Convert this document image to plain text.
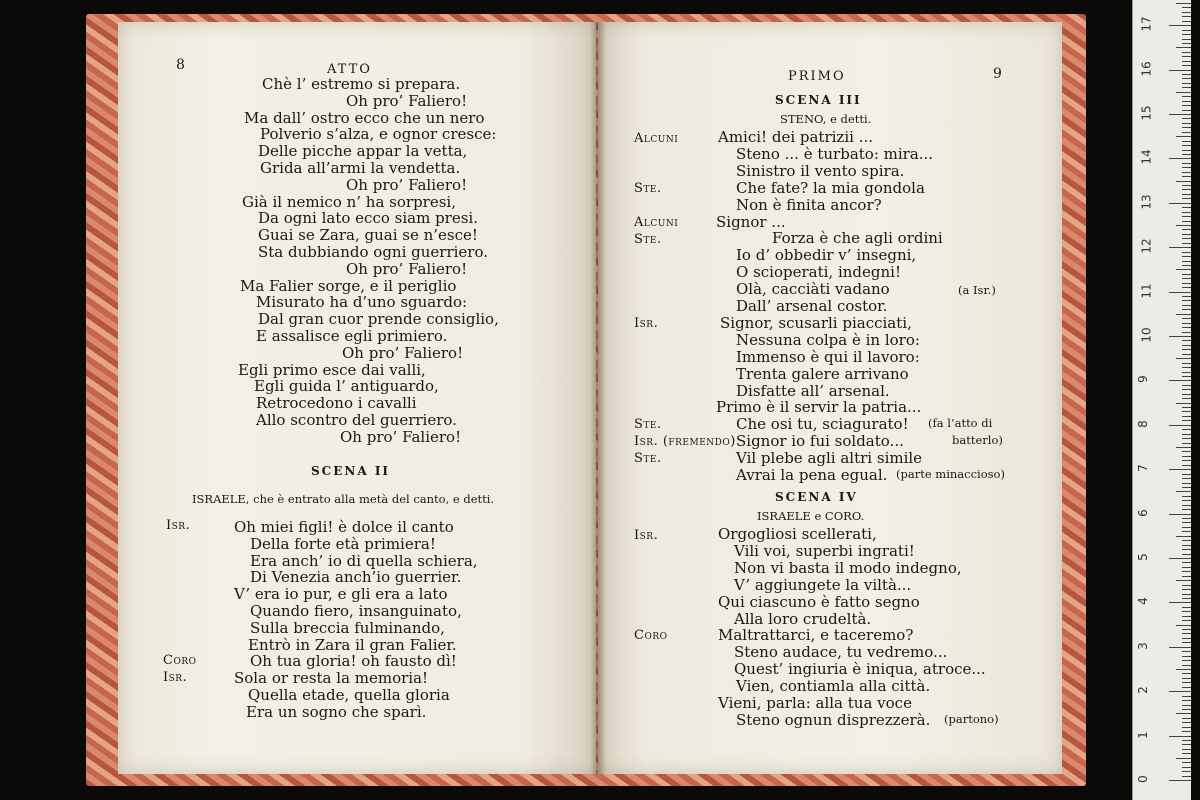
0
1
2
3
4
5
6
7
8
9
10
11
12
13
14
15
16
17
8	ATTO
Chè l’ estremo si prepara.
Oh pro’ Faliero!
Ma dall’ ostro ecco che un nero
Polverio s’alza, e ognor cresce:
Delle picche appar la vetta,
Grida all’armi la vendetta.
Oh pro’ Faliero!
Già il nemico n’ ha sorpresi,
Da ogni lato ecco siam presi.
Guai se Zara, guai se n’esce!
Sta dubbiando ogni guerriero.
Oh pro’ Faliero!
Ma Falier sorge, e il periglio
Misurato ha d’uno sguardo:
Dal gran cuor prende consiglio,
E assalisce egli primiero.
Oh pro’ Faliero!
Egli primo esce dai valli,
Egli guida l’ antiguardo,
Retrocedono i cavalli
Allo scontro del guerriero.
Oh pro’ Faliero!
SCENA II
ISRAELE, che è entrato alla metà del canto, e detti.
Isr.
Coro
Isr.
Oh miei figli! è dolce il canto
Della forte età primiera!
Era anch’ io di quella schiera,
Di Venezia anch’io guerrier.
V’ era io pur, e gli era a lato
Quando fiero, insanguinato,
Sulla breccia fulminando,
Entrò in Zara il gran Falier.
Oh tua gloria! oh fausto dì!
Sola or resta la memoria!
Quella etade, quella gloria
Era un sogno che sparì.
PRIMO	9
SCENA III
STENO, e detti.
Alcuni
Ste.
Alcuni
Ste.
Isr.
Ste.
Isr. (fremendo)
Ste.
Amici! dei patrizii ...
Steno ... è turbato: mira...
Sinistro il vento spira.
Che fate? la mia gondola
Non è finita ancor?
Signor ...
Forza è che agli ordini
Io d’ obbedir v’ insegni,
O scioperati, indegni!
Olà, cacciàti vadano
Dall’ arsenal costor.
Signor, scusarli piacciati,
Nessuna colpa è in loro:
Immenso è qui il lavoro:
Trenta galere arrivano
Disfatte all’ arsenal.
Primo è il servir la patria...
Che osi tu, sciagurato!
Signor io fui soldato...
Vil plebe agli altri simile
Avrai la pena egual.
(a Isr.)
(fa l’atto di
batterlo)
(parte minaccioso)
SCENA IV
ISRAELE e CORO.
Isr.
Coro
Orgogliosi scellerati,
Vili voi, superbi ingrati!
Non vi basta il modo indegno,
V’ aggiungete la viltà...
Qui ciascuno è fatto segno
Alla loro crudeltà.
Maltrattarci, e taceremo?
Steno audace, tu vedremo...
Quest’ ingiuria è iniqua, atroce...
Vien, contiamla alla città.
Vieni, parla: alla tua voce
Steno ognun disprezzerà. (partono)
